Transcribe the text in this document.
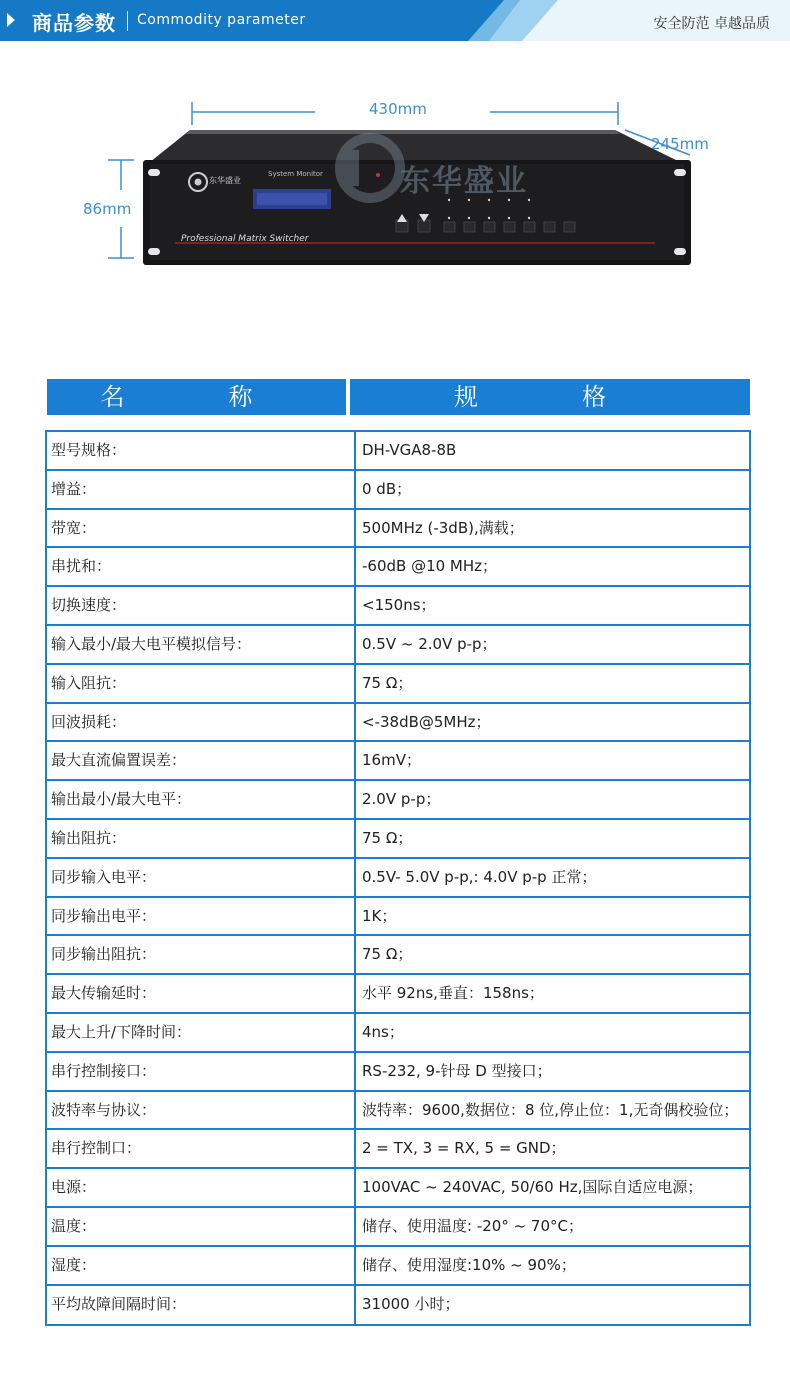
商品参数 Commodity parameter	安全防范 卓越品质
430mm
245mm
86mm
东华盛业
System Monitor
Professional Matrix Switcher
东华盛业
名　称	规　格
型号规格：	DH-VGA8-8B
增益：	0 dB；
带宽：	500MHz (-3dB),满载；
串扰和：	-60dB @10 MHz；
切换速度：	<150ns；
输入最小/最大电平模拟信号：	0.5V ~ 2.0V p-p；
输入阻抗：	75 Ω；
回波损耗：	<-38dB@5MHz；
最大直流偏置误差：	16mV；
输出最小/最大电平：	2.0V p-p；
输出阻抗：	75 Ω；
同步输入电平：	0.5V- 5.0V p-p,: 4.0V p-p 正常；
同步输出电平：	1K；
同步输出阻抗：	75 Ω；
最大传输延时：	水平 92ns,垂直：158ns；
最大上升/下降时间：	4ns；
串行控制接口：	RS-232, 9-针母 D 型接口；
波特率与协议：	波特率：9600,数据位：8 位,停止位：1,无奇偶校验位；
串行控制口：	2 = TX, 3 = RX, 5 = GND；
电源：	100VAC ~ 240VAC, 50/60 Hz,国际自适应电源；
温度：	储存、使用温度: -20° ~ 70°C；
湿度：	储存、使用湿度:10% ~ 90%；
平均故障间隔时间：	31000 小时；
